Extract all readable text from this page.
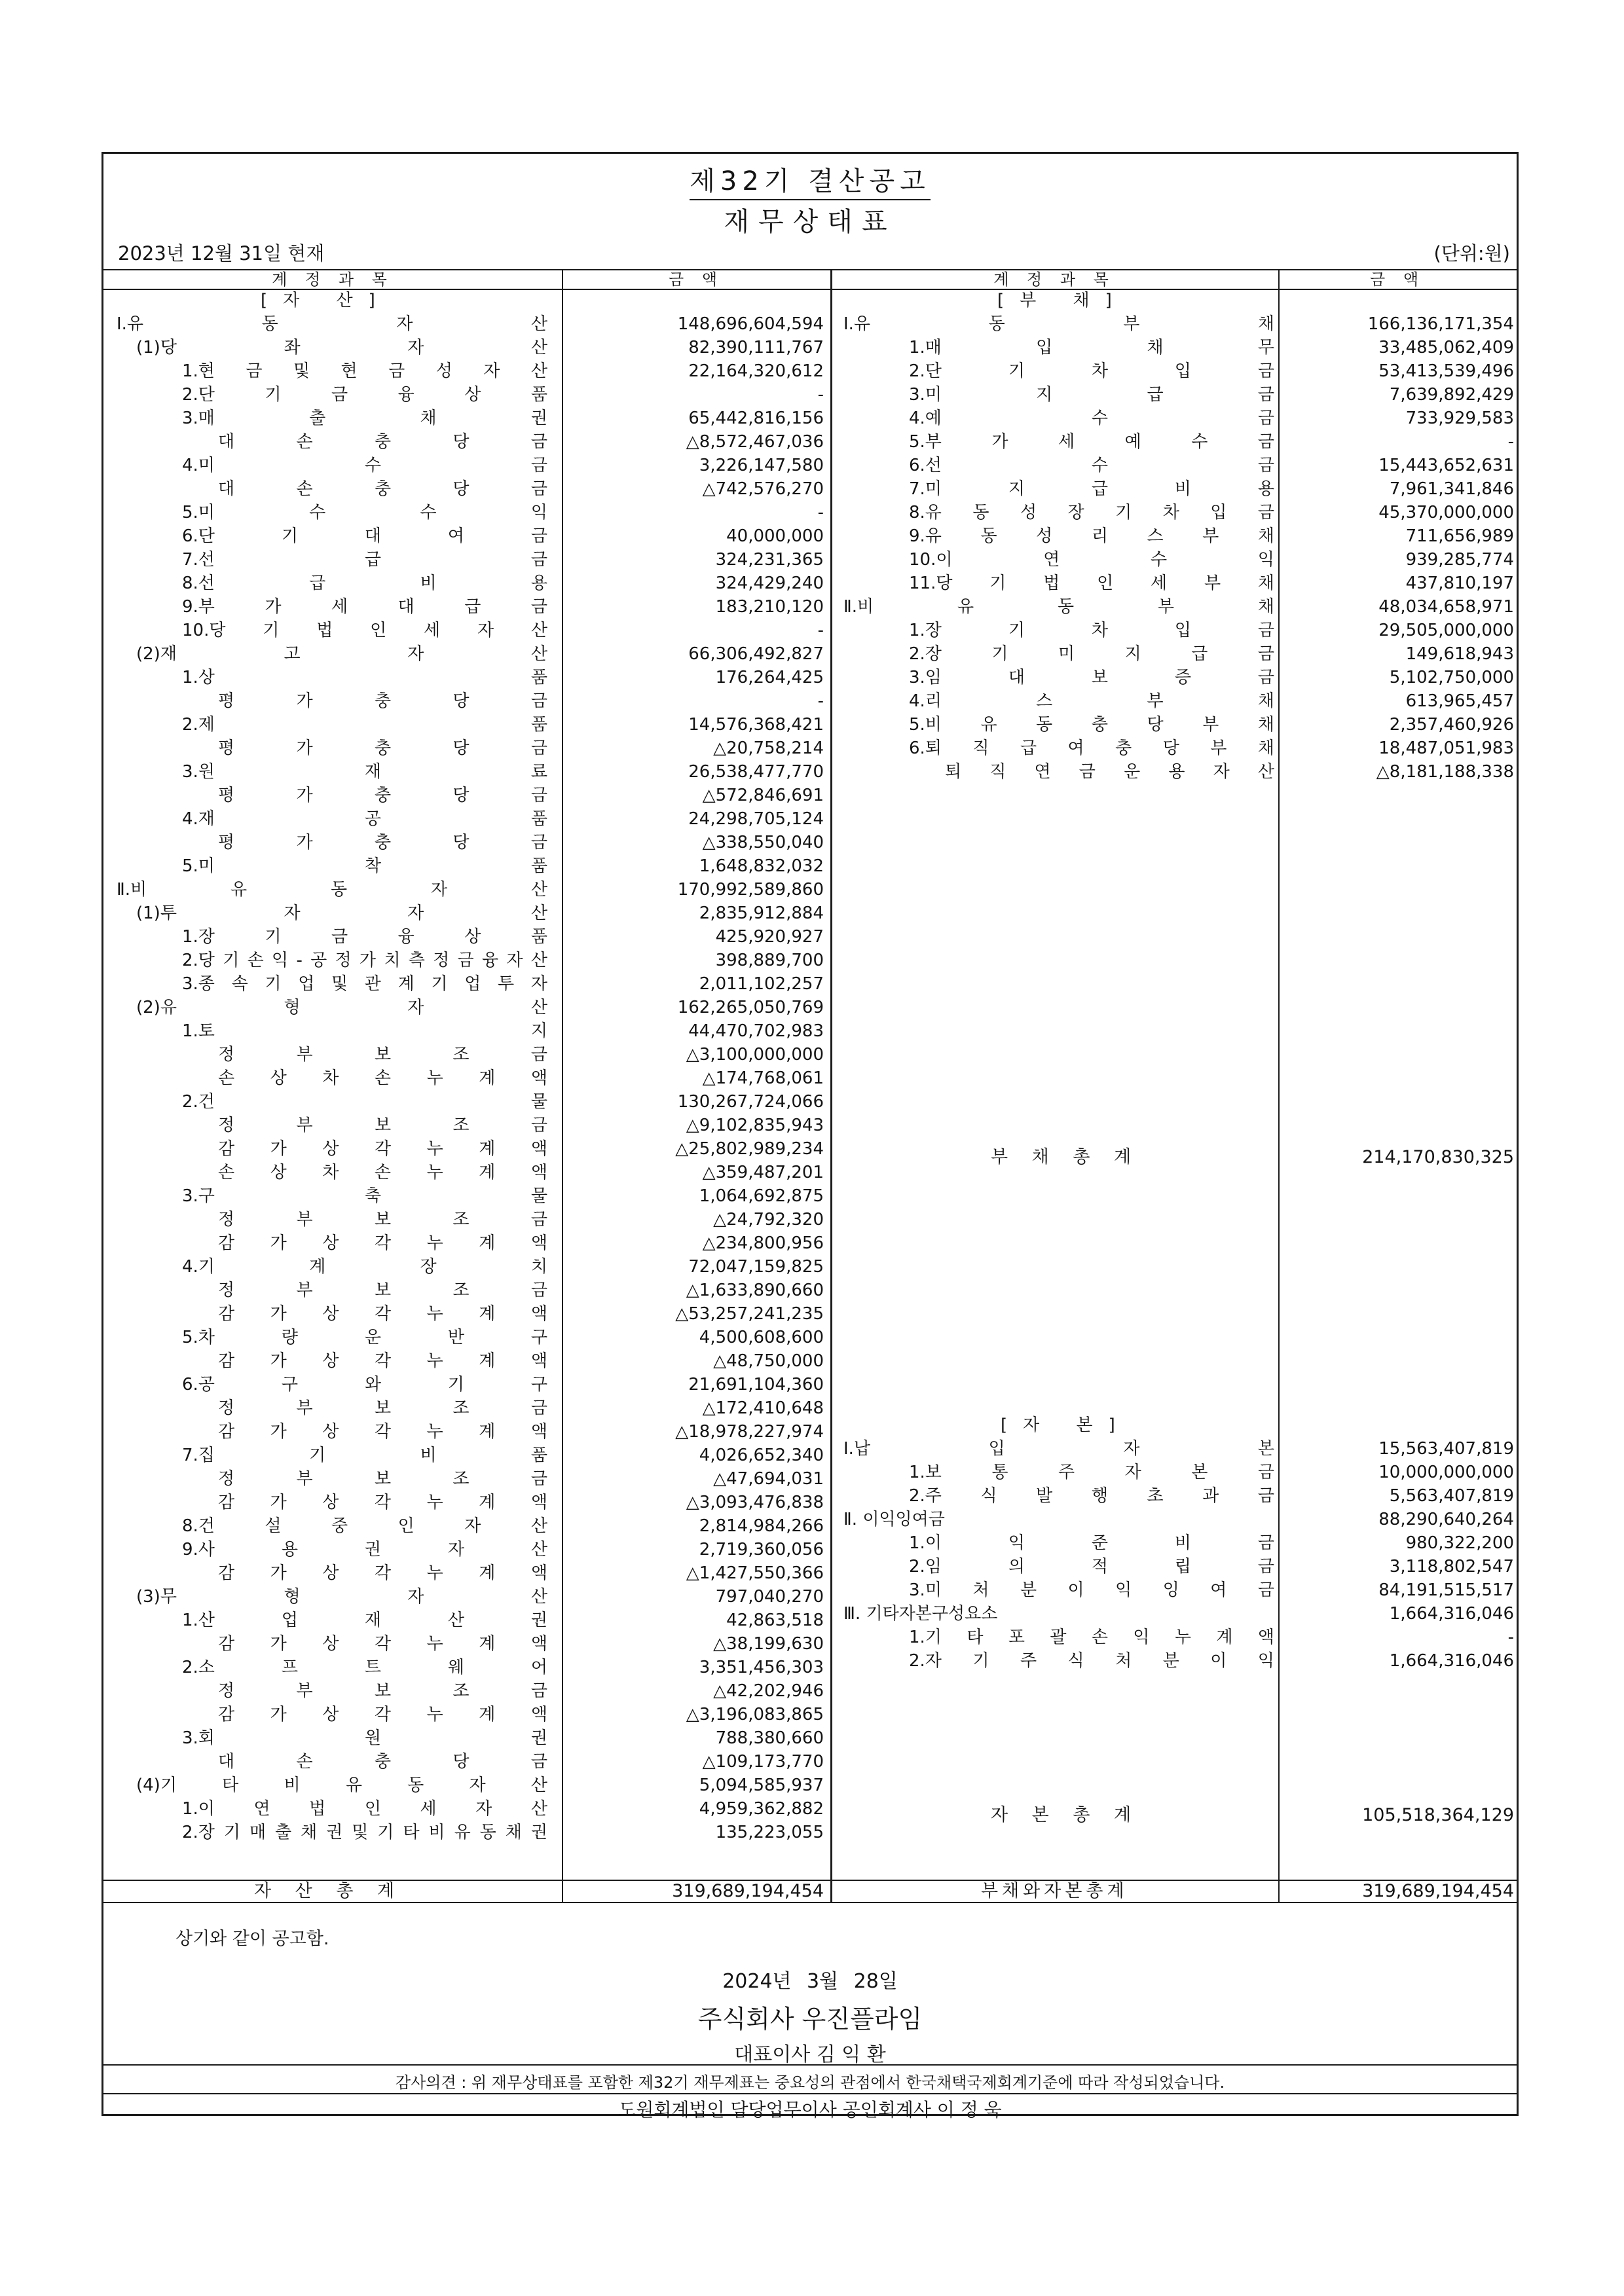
제32기 결산공고
재무상태표
2023년 12월 31일 현재	(단위:원)
계 정 과 목	금 액	계 정 과 목	금 액
[자 산]	[부 채]
[자 본]
Ⅰ.유	동	자	산	148,696,604,594
(1)당	좌	자	산	82,390,111,767
1.현 금 및 현 금 성 자 산	22,164,320,612
2.단	기	금	융	상	품	-
3.매	출	채	권	65,442,816,156
대	손	충	당	금	△8,572,467,036
4.미	수	금	3,226,147,580
대	손	충	당	금	△742,576,270
5.미	수	수	익	-
6.단	기	대	여	금	40,000,000
7.선	급	금	324,231,365
8.선	급	비	용	324,429,240
9.부	가	세	대	급	금	183,210,120
10.당 기 법 인 세 자 산	-
(2)재	고	자	산	66,306,492,827
1.상	품	176,264,425
평	가	충	당	금	-
2.제	품	14,576,368,421
평	가	충	당	금	△20,758,214
3.원	재	료	26,538,477,770
평	가	충	당	금	△572,846,691
4.재	공	품	24,298,705,124
평	가	충	당	금	△338,550,040
5.미	착	품	1,648,832,032
Ⅱ.비	유	동	자	산	170,992,589,860
(1)투	자	자	산	2,835,912,884
1.장	기	금	융	상	품	425,920,927
2.당 기 손 익 - 공 정 가 치 측 정 금 융 자 산	398,889,700
3.종 속 기 업 및 관 계 기 업 투 자	2,011,102,257
(2)유	형	자	산	162,265,050,769
1.토	지	44,470,702,983
정	부	보	조	금	△3,100,000,000
손 상 차 손 누 계 액	△174,768,061
2.건	물	130,267,724,066
정	부	보	조	금	△9,102,835,943
감 가 상 각 누 계 액	△25,802,989,234
손 상 차 손 누 계 액	△359,487,201
3.구	축	물	1,064,692,875
정	부	보	조	금	△24,792,320
감 가 상 각 누 계 액	△234,800,956
4.기	계	장	치	72,047,159,825
정	부	보	조	금	△1,633,890,660
감 가 상 각 누 계 액	△53,257,241,235
5.차	량	운	반	구	4,500,608,600
감 가 상 각 누 계 액	△48,750,000
6.공	구	와	기	구	21,691,104,360
정	부	보	조	금	△172,410,648
감 가 상 각 누 계 액	△18,978,227,974
7.집	기	비	품	4,026,652,340
정	부	보	조	금	△47,694,031
감 가 상 각 누 계 액	△3,093,476,838
8.건	설	중	인	자	산	2,814,984,266
9.사	용	권	자	산	2,719,360,056
감 가 상 각 누 계 액	△1,427,550,366
(3)무	형	자	산	797,040,270
1.산	업	재	산	권	42,863,518
감 가 상 각 누 계 액	△38,199,630
2.소	프	트	웨	어	3,351,456,303
정	부	보	조	금	△42,202,946
감 가 상 각 누 계 액	△3,196,083,865
3.회	원	권	788,380,660
대	손	충	당	금	△109,173,770
(4)기	타	비	유	동	자	산	5,094,585,937
1.이 연 법 인 세 자 산	4,959,362,882
2.장 기 매 출 채 권 및 기 타 비 유 동 채 권	135,223,055
Ⅰ.유	동	부	채	166,136,171,354
1.매	입	채	무	33,485,062,409
2.단	기	차	입	금	53,413,539,496
3.미	지	급	금	7,639,892,429
4.예	수	금	733,929,583
5.부	가	세	예	수	금	-
6.선	수	금	15,443,652,631
7.미	지	급	비	용	7,961,341,846
8.유 동 성 장 기 차 입 금	45,370,000,000
9.유 동 성 리 스 부 채	711,656,989
10.이	연	수	익	939,285,774
11.당 기 법 인 세 부 채	437,810,197
Ⅱ.비	유	동	부	채	48,034,658,971
1.장	기	차	입	금	29,505,000,000
2.장	기	미	지	급	금	149,618,943
3.임	대	보	증	금	5,102,750,000
4.리	스	부	채	613,965,457
5.비 유 동 충 당 부 채	2,357,460,926
6.퇴 직 급 여 충 당 부 채	18,487,051,983
퇴 직 연 금 운 용 자 산	△8,181,188,338
Ⅰ.납	입	자	본	15,563,407,819
1.보	통	주	자	본	금	10,000,000,000
2.주 식 발 행 초 과 금	5,563,407,819
Ⅱ. 이익잉여금	88,290,640,264
1.이	익	준	비	금	980,322,200
2.임	의	적	립	금	3,118,802,547
3.미 처 분 이 익 잉 여 금	84,191,515,517
Ⅲ. 기타자본구성요소	1,664,316,046
1.기 타 포 괄 손 익 누 계 액	-
2.자 기 주 식 처 분 이 익	1,664,316,046
부 채 총 계	214,170,830,325
자 본 총 계	105,518,364,129
자 산 총 계	319,689,194,454	부채와자본총계	319,689,194,454
상기와 같이 공고함.
2024년 3월 28일
주식회사 우진플라임
대표이사 김 익 환
감사의견 : 위 재무상태표를 포함한 제32기 재무제표는 중요성의 관점에서 한국채택국제회계기준에 따라 작성되었습니다.
도원회계법인 담당업무이사 공인회계사 이 정 욱
